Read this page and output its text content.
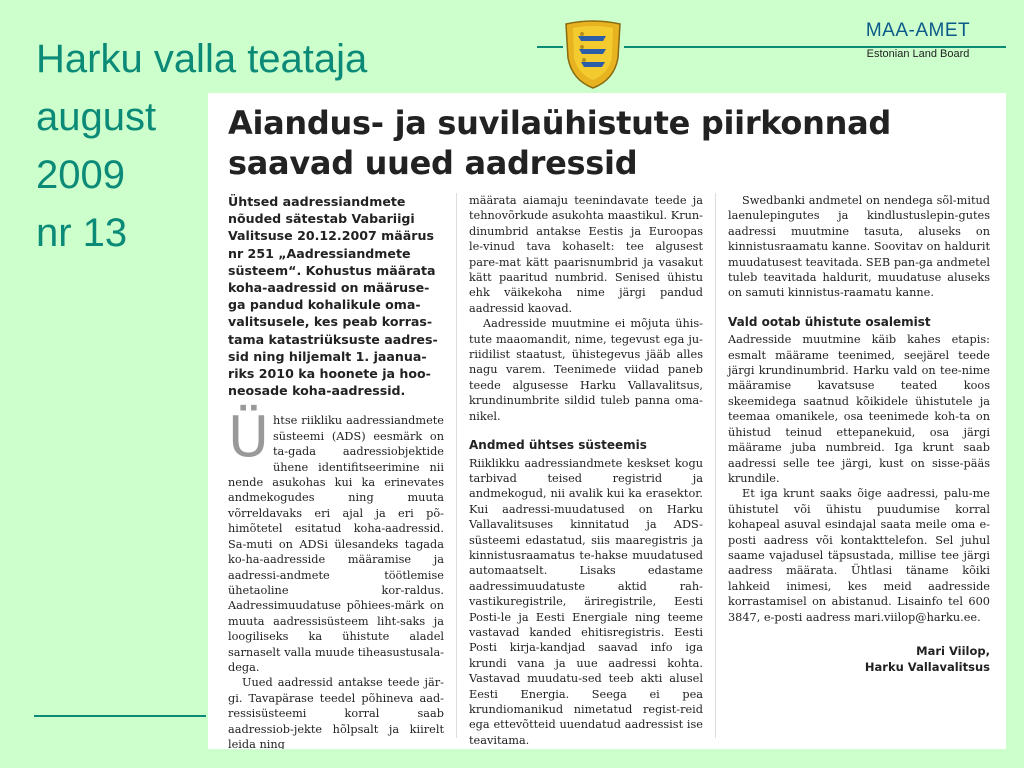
Harku valla teataja
august
2009
nr 13
MAA-AMET
Estonian Land Board
Aiandus- ja suvilaühistute piirkonnad
saavad uued aadressid
Ühtsed aadressiandmete nõuded sätestab Vabariigi Valitsuse 20.12.2007 määrus nr 251 „Aadressiandmete süsteem“. Kohustus määrata koha-aadressid on määruse-ga pandud kohalikule oma-valitsusele, kes peab korras-tama katastriüksuste aadres-sid ning hiljemalt 1. jaanua-riks 2010 ka hoonete ja hoo-neosade koha-aadressid.

Ühtse riikliku aadressiandmete süsteemi (ADS) eesmärk on ta-gada aadressiobjektide ühene identifitseerimine nii nende asukohas kui ka erinevates andmekogudes ning muuta võrreldavaks eri ajal ja eri põ-himõtetel esitatud koha-aadressid. Sa-muti on ADSi ülesandeks tagada ko-ha-aadresside määramise ja aadressi-andmete töötlemise ühetaoline kor-raldus. Aadressimuudatuse põhiees-märk on muuta aadressisüsteem liht-saks ja loogiliseks ka ühistute aladel sarnaselt valla muude tiheasustusala-dega.

Uued aadressid antakse teede jär-gi. Tavapärase teedel põhineva aad-ressisüsteemi korral saab aadressiob-jekte hõlpsalt ja kiirelt leida ning

määrata aiamaju teenindavate teede ja tehnovõrkude asukohta maastikul. Krun-dinumbrid antakse Eestis ja Euroopas le-vinud tava kohaselt: tee algusest pare-mat kätt paarisnumbrid ja vasakut kätt paaritud numbrid. Senised ühistu ehk väikekoha nime järgi pandud aadressid kaovad.

Aadresside muutmine ei mõjuta ühis-tute maaomandit, nime, tegevust ega ju-riidilist staatust, ühistegevus jääb alles nagu varem. Teenimede viidad paneb teede algusesse Harku Vallavalitsus, krundinumbrite sildid tuleb panna oma-nikel.

Andmed ühtses süsteemis

Riiklikku aadressiandmete keskset kogu tarbivad teised registrid ja andmekogud, nii avalik kui ka erasektor. Kui aadressi-muudatused on Harku Vallavalitsuses kinnitatud ja ADS-süsteemi edastatud, siis maaregistris ja kinnistusraamatus te-hakse muudatused automaatselt. Lisaks edastame aadressimuudatuste aktid rah-vastikuregistrile, äriregistrile, Eesti Posti-le ja Eesti Energiale ning teeme vastavad kanded ehitisregistris. Eesti Posti kirja-kandjad saavad info iga krundi vana ja uue aadressi kohta. Vastavad muudatu-sed teeb akti alusel Eesti Energia. Seega ei pea krundiomanikud nimetatud regist-reid ega ettevõtteid uuendatud aadressist ise teavitama.

Swedbanki andmetel on nendega sõl-mitud laenulepingutes ja kindlustuslepin-gutes aadressi muutmine tasuta, aluseks on kinnistusraamatu kanne. Soovitav on haldurit muudatusest teavitada. SEB pan-ga andmetel tuleb teavitada haldurit, muudatuse aluseks on samuti kinnistus-raamatu kanne.

Vald ootab ühistute osalemist

Aadresside muutmine käib kahes etapis: esmalt määrame teenimed, seejärel teede järgi krundinumbrid. Harku vald on tee-nime määramise kavatsuse teated koos skeemidega saatnud kõikidele ühistutele ja teemaa omanikele, osa teenimede koh-ta on ühistud teinud ettepanekuid, osa järgi määrame juba numbreid. Iga krunt saab aadressi selle tee järgi, kust on sisse-pääs krundile.

Et iga krunt saaks õige aadressi, palu-me ühistutel või ühistu puudumise korral kohapeal asuval esindajal saata meile oma e-posti aadress või kontakttelefon. Sel juhul saame vajadusel täpsustada, millise tee järgi aadress määrata. Ühtlasi täname kõiki lahkeid inimesi, kes meid aadresside korrastamisel on abistanud. Lisainfo tel 600 3847, e-posti aadress mari.viilop@harku.ee.

Mari Viilop,
Harku Vallavalitsus
